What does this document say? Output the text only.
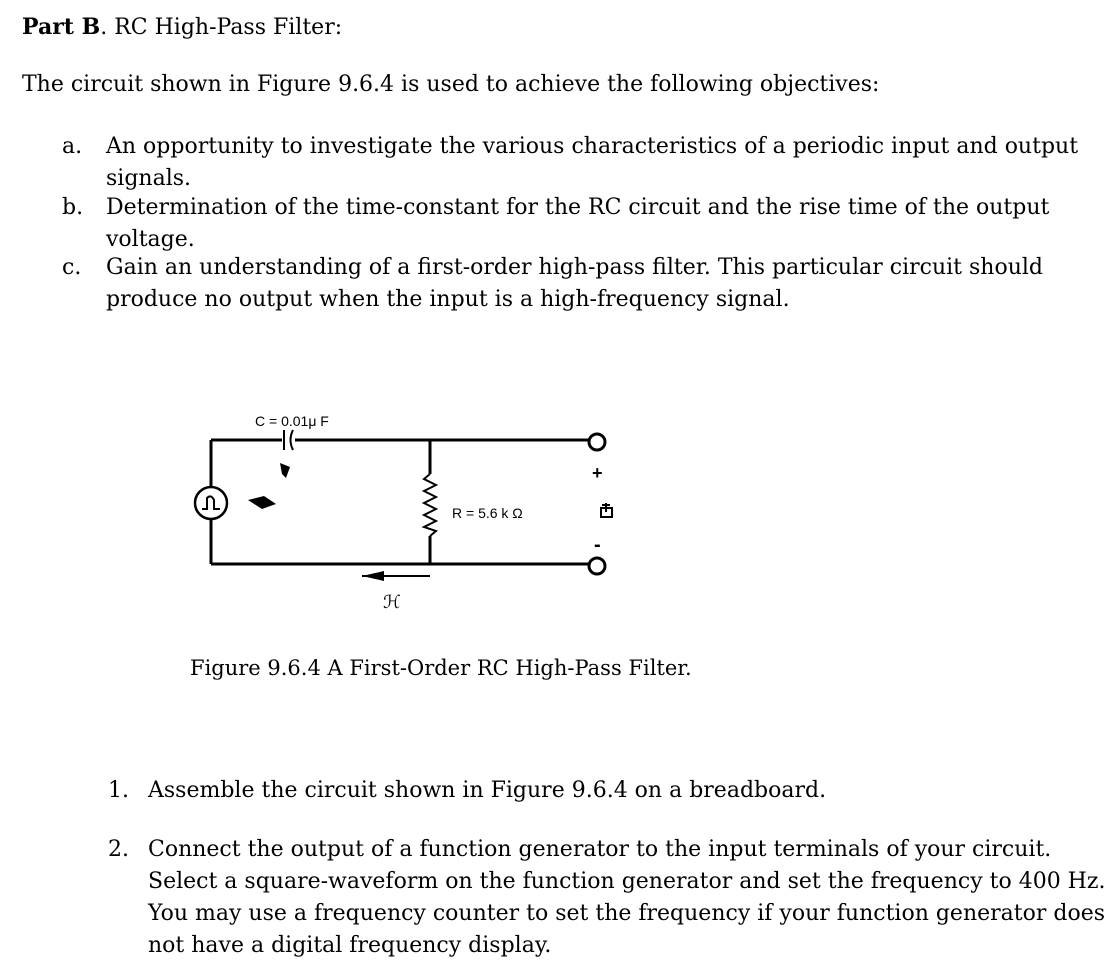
Part B. RC High-Pass Filter:
The circuit shown in Figure 9.6.4 is used to achieve the following objectives:
a.	An opportunity to investigate the various characteristics of a periodic input and output signals.
b.	Determination of the time-constant for the RC circuit and the rise time of the output voltage.
c.	Gain an understanding of a first-order high-pass filter. This particular circuit should produce no output when the input is a high-frequency signal.
C = 0.01μ F
R = 5.6 k Ω
+
-
ℋ
Figure 9.6.4 A First-Order RC High-Pass Filter.
1. Assemble the circuit shown in Figure 9.6.4 on a breadboard.
2. Connect the output of a function generator to the input terminals of your circuit. Select a square-waveform on the function generator and set the frequency to 400 Hz. You may use a frequency counter to set the frequency if your function generator does not have a digital frequency display.
